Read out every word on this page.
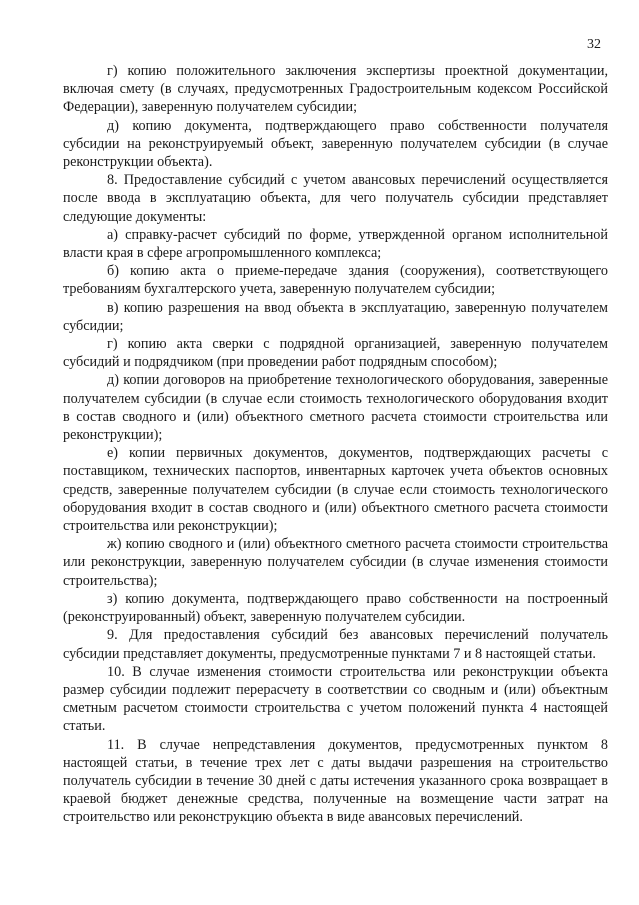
32

г) копию положительного заключения экспертизы проектной документации, включая смету (в случаях, предусмотренных Градостроительным кодексом Российской Федерации), заверенную получателем субсидии;

д) копию документа, подтверждающего право собственности получателя субсидии на реконструируемый объект, заверенную получателем субсидии (в случае реконструкции объекта).

8. Предоставление субсидий с учетом авансовых перечислений осуществляется после ввода в эксплуатацию объекта, для чего получатель субсидии представляет следующие документы:

а) справку-расчет субсидий по форме, утвержденной органом исполнительной власти края в сфере агропромышленного комплекса;

б) копию акта о приеме-передаче здания (сооружения), соответствующего требованиям бухгалтерского учета, заверенную получателем субсидии;

в) копию разрешения на ввод объекта в эксплуатацию, заверенную получателем субсидии;

г) копию акта сверки с подрядной организацией, заверенную получателем субсидий и подрядчиком (при проведении работ подрядным способом);

д) копии договоров на приобретение технологического оборудования, заверенные получателем субсидии (в случае если стоимость технологического оборудования входит в состав сводного и (или) объектного сметного расчета стоимости строительства или реконструкции);

е) копии первичных документов, документов, подтверждающих расчеты с поставщиком, технических паспортов, инвентарных карточек учета объектов основных средств, заверенные получателем субсидии (в случае если стоимость технологического оборудования входит в состав сводного и (или) объектного сметного расчета стоимости строительства или реконструкции);

ж) копию сводного и (или) объектного сметного расчета стоимости строительства или реконструкции, заверенную получателем субсидии (в случае изменения стоимости строительства);

з) копию документа, подтверждающего право собственности на построенный (реконструированный) объект, заверенную получателем субсидии.

9. Для предоставления субсидий без авансовых перечислений получатель субсидии представляет документы, предусмотренные пунктами 7 и 8 настоящей статьи.

10. В случае изменения стоимости строительства или реконструкции объекта размер субсидии подлежит перерасчету в соответствии со сводным и (или) объектным сметным расчетом стоимости строительства с учетом положений пункта 4 настоящей статьи.

11. В случае непредставления документов, предусмотренных пунктом 8 настоящей статьи, в течение трех лет с даты выдачи разрешения на строительство получатель субсидии в течение 30 дней с даты истечения указанного срока возвращает в краевой бюджет денежные средства, полученные на возмещение части затрат на строительство или реконструкцию объекта в виде авансовых перечислений.
